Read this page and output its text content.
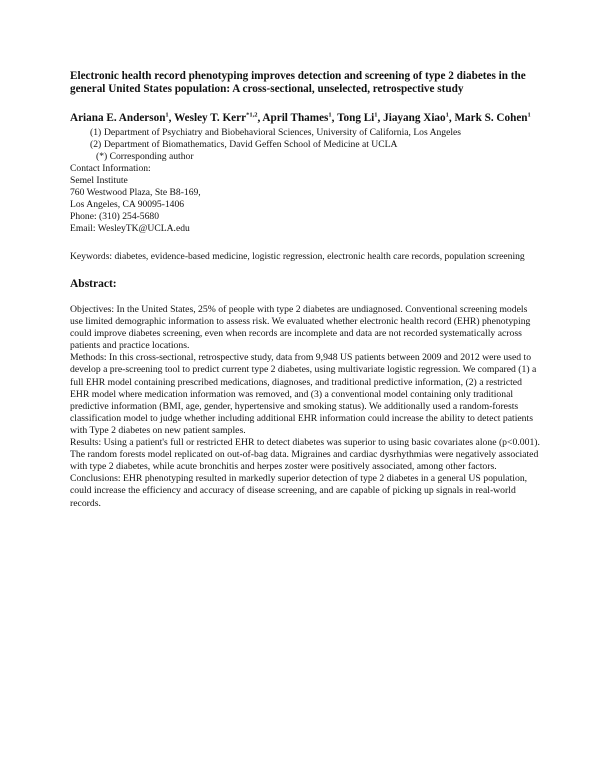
Electronic health record phenotyping improves detection and screening of type 2 diabetes in the general United States population: A cross-sectional, unselected, retrospective study
Ariana E. Anderson$^1$, Wesley T. Kerr$^{*1,2}$, April Thames$^1$, Tong Li$^1$, Jiayang Xiao$^1$, Mark S. Cohen$^1$
(1) Department of Psychiatry and Biobehavioral Sciences, University of California, Los Angeles
(2) Department of Biomathematics, David Geffen School of Medicine at UCLA
(*) Corresponding author
Contact Information:
Semel Institute
760 Westwood Plaza, Ste B8-169,
Los Angeles, CA 90095-1406
Phone: (310) 254-5680
Email: WesleyTK@UCLA.edu
Keywords: diabetes, evidence-based medicine, logistic regression, electronic health care records, population screening
Abstract:

Objectives: In the United States, 25% of people with type 2 diabetes are undiagnosed. Conventional screening models use limited demographic information to assess risk. We evaluated whether electronic health record (EHR) phenotyping could improve diabetes screening, even when records are incomplete and data are not recorded systematically across patients and practice locations.

Methods: In this cross-sectional, retrospective study, data from 9,948 US patients between 2009 and 2012 were used to develop a pre-screening tool to predict current type 2 diabetes, using multivariate logistic regression. We compared (1) a full EHR model containing prescribed medications, diagnoses, and traditional predictive information, (2) a restricted EHR model where medication information was removed, and (3) a conventional model containing only traditional predictive information (BMI, age, gender, hypertensive and smoking status). We additionally used a random-forests classification model to judge whether including additional EHR information could increase the ability to detect patients with Type 2 diabetes on new patient samples.

Results: Using a patient's full or restricted EHR to detect diabetes was superior to using basic covariates alone (p<0.001). The random forests model replicated on out-of-bag data. Migraines and cardiac dysrhythmias were negatively associated with type 2 diabetes, while acute bronchitis and herpes zoster were positively associated, among other factors.

Conclusions: EHR phenotyping resulted in markedly superior detection of type 2 diabetes in a general US population, could increase the efficiency and accuracy of disease screening, and are capable of picking up signals in real-world records.
